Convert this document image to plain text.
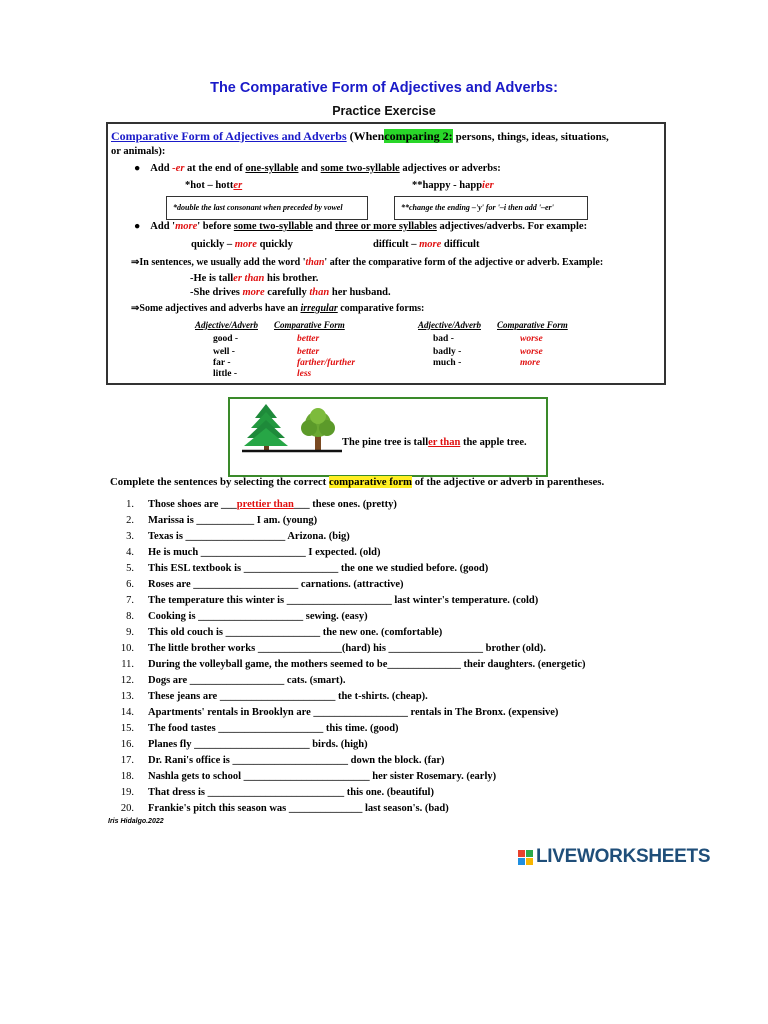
The Comparative Form of Adjectives and Adverbs:
Practice Exercise
Comparative Form of Adjectives and Adverbs (Whencomparing 2: persons, things, ideas, situations,
or animals):
● Add -er at the end of one-syllable and some two-syllable adjectives or adverbs:
*hot – hotter	**happy - happier
*double the last consonant when preceded by vowel	**change the ending –'y' for '–i then add '–er'
● Add 'more' before some two-syllable and three or more syllables adjectives/adverbs. For example:
quickly – more quickly	difficult – more difficult
⇒In sentences, we usually add the word 'than' after the comparative form of the adjective or adverb. Example:
-He is taller than his brother.
-She drives more carefully than her husband.
⇒Some adjectives and adverbs have an irregular comparative forms:
Adjective/Adverb Comparative Form	Adjective/Adverb Comparative Form
good -	better
well -	better
far -	farther/further
little -	less
bad -	worse
badly -	worse
much -	more
The pine tree is taller than the apple tree.
Complete the sentences by selecting the correct comparative form of the adjective or adverb in parentheses.
1. Those shoes are ___prettier than___ these ones. (pretty)
2. Marissa is ___________ I am. (young)
3. Texas is ___________________ Arizona. (big)
4. He is much ____________________ I expected. (old)
5. This ESL textbook is __________________ the one we studied before. (good)
6. Roses are ____________________ carnations. (attractive)
7. The temperature this winter is ____________________ last winter's temperature. (cold)
8. Cooking is ____________________ sewing. (easy)
9. This old couch is __________________ the new one. (comfortable)
10. The little brother works ________________(hard) his __________________ brother (old).
11. During the volleyball game, the mothers seemed to be______________ their daughters. (energetic)
12. Dogs are __________________ cats. (smart).
13. These jeans are ______________________ the t-shirts. (cheap).
14. Apartments' rentals in Brooklyn are __________________ rentals in The Bronx. (expensive)
15. The food tastes ____________________ this time. (good)
16. Planes fly ______________________ birds. (high)
17. Dr. Rani's office is ______________________ down the block. (far)
18. Nashla gets to school ________________________ her sister Rosemary. (early)
19. That dress is __________________________ this one. (beautiful)
20. Frankie's pitch this season was ______________ last season's. (bad)
Iris Hidalgo.2022
LIVEWORKSHEETS
